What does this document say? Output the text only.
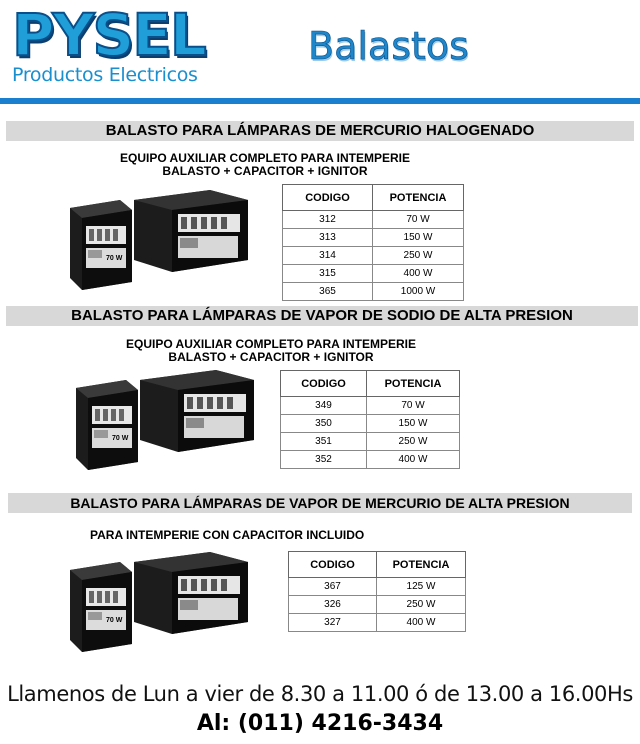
PYSEL
Productos Electricos
Balastos
BALASTO PARA LÁMPARAS DE MERCURIO HALOGENADO
EQUIPO AUXILIAR COMPLETO PARA INTEMPERIE
BALASTO + CAPACITOR + IGNITOR
70 W
CODIGO	POTENCIA
312	70 W
313	150 W
314	250 W
315	400 W
365	1000 W
BALASTO PARA LÁMPARAS DE VAPOR DE SODIO DE ALTA PRESION
EQUIPO AUXILIAR COMPLETO PARA INTEMPERIE
BALASTO + CAPACITOR + IGNITOR
70 W
CODIGO	POTENCIA
349	70 W
350	150 W
351	250 W
352	400 W
BALASTO PARA LÁMPARAS DE VAPOR DE MERCURIO DE ALTA PRESION
PARA INTEMPERIE CON CAPACITOR INCLUIDO
70 W
CODIGO	POTENCIA
367	125 W
326	250 W
327	400 W
Llamenos de Lun a vier de 8.30 a 11.00 ó de 13.00 a 16.00Hs
Al: (011) 4216-3434
